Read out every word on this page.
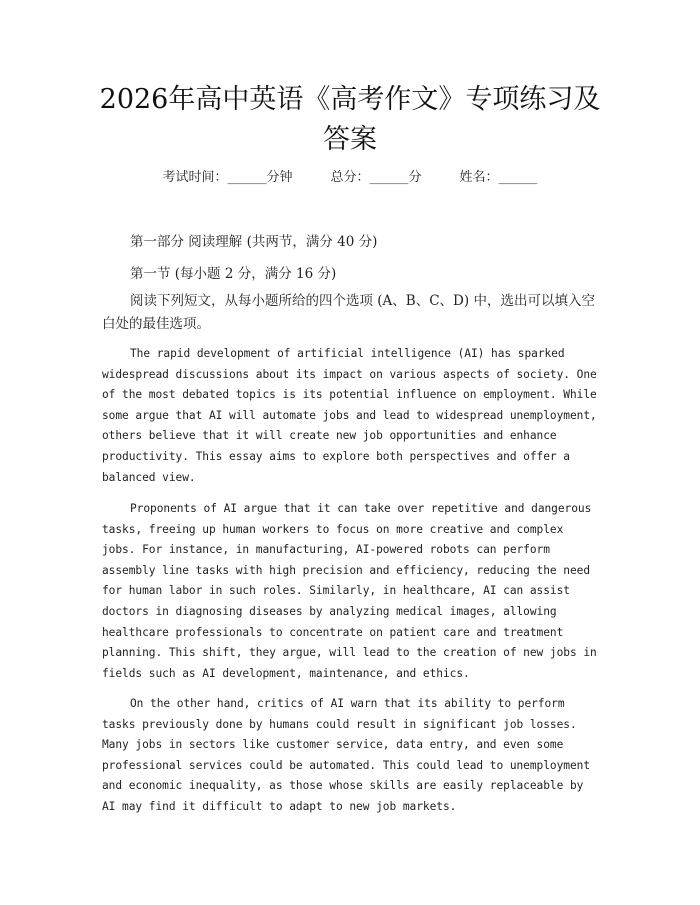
2026年高中英语《高考作文》专项练习及答案
考试时间：______分钟	总分：______分	姓名：______
第一部分 阅读理解 (共两节，满分 40 分)
第一节 (每小题 2 分，满分 16 分)

阅读下列短文，从每小题所给的四个选项 (A、B、C、D) 中，选出可以填入空白处的最佳选项。

The rapid development of artificial intelligence (AI) has sparked widespread discussions about its impact on various aspects of society. One of the most debated topics is its potential influence on employment. While some argue that AI will automate jobs and lead to widespread unemployment, others believe that it will create new job opportunities and enhance productivity. This essay aims to explore both perspectives and offer a balanced view.

Proponents of AI argue that it can take over repetitive and dangerous tasks, freeing up human workers to focus on more creative and complex jobs. For instance, in manufacturing, AI-powered robots can perform assembly line tasks with high precision and efficiency, reducing the need for human labor in such roles. Similarly, in healthcare, AI can assist doctors in diagnosing diseases by analyzing medical images, allowing healthcare professionals to concentrate on patient care and treatment planning. This shift, they argue, will lead to the creation of new jobs in fields such as AI development, maintenance, and ethics.

On the other hand, critics of AI warn that its ability to perform tasks previously done by humans could result in significant job losses. Many jobs in sectors like customer service, data entry, and even some professional services could be automated. This could lead to unemployment and economic inequality, as those whose skills are easily replaceable by AI may find it difficult to adapt to new job markets.
